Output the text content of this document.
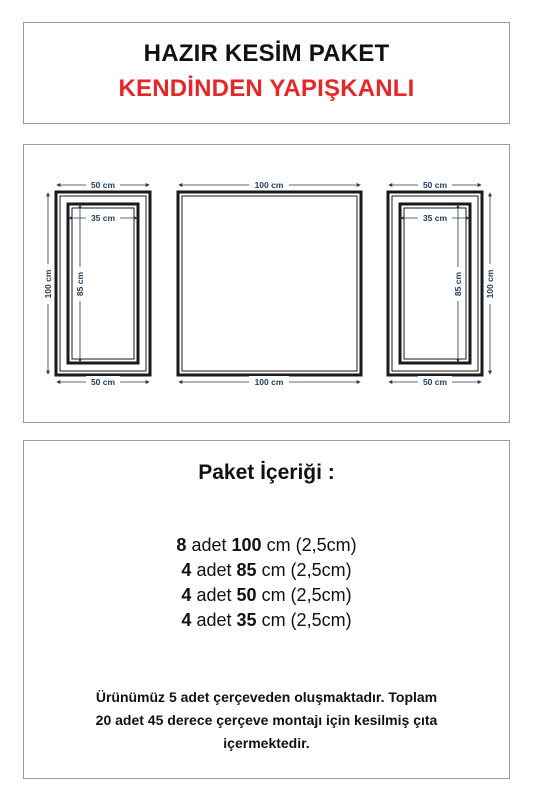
HAZIR KESİM PAKET
KENDİNDEN YAPIŞKANLI
50 cm
35 cm
100 cm	85 cm
50 cm
100 cm
100 cm
50 cm
35 cm
100 cm
85 cm
50 cm
Paket İçeriği :
8 adet 100 cm (2,5cm)
4 adet 85 cm (2,5cm)
4 adet 50 cm (2,5cm)
4 adet 35 cm (2,5cm)
Ürünümüz 5 adet çerçeveden oluşmaktadır. Toplam
20 adet 45 derece çerçeve montajı için kesilmiş çıta
içermektedir.
